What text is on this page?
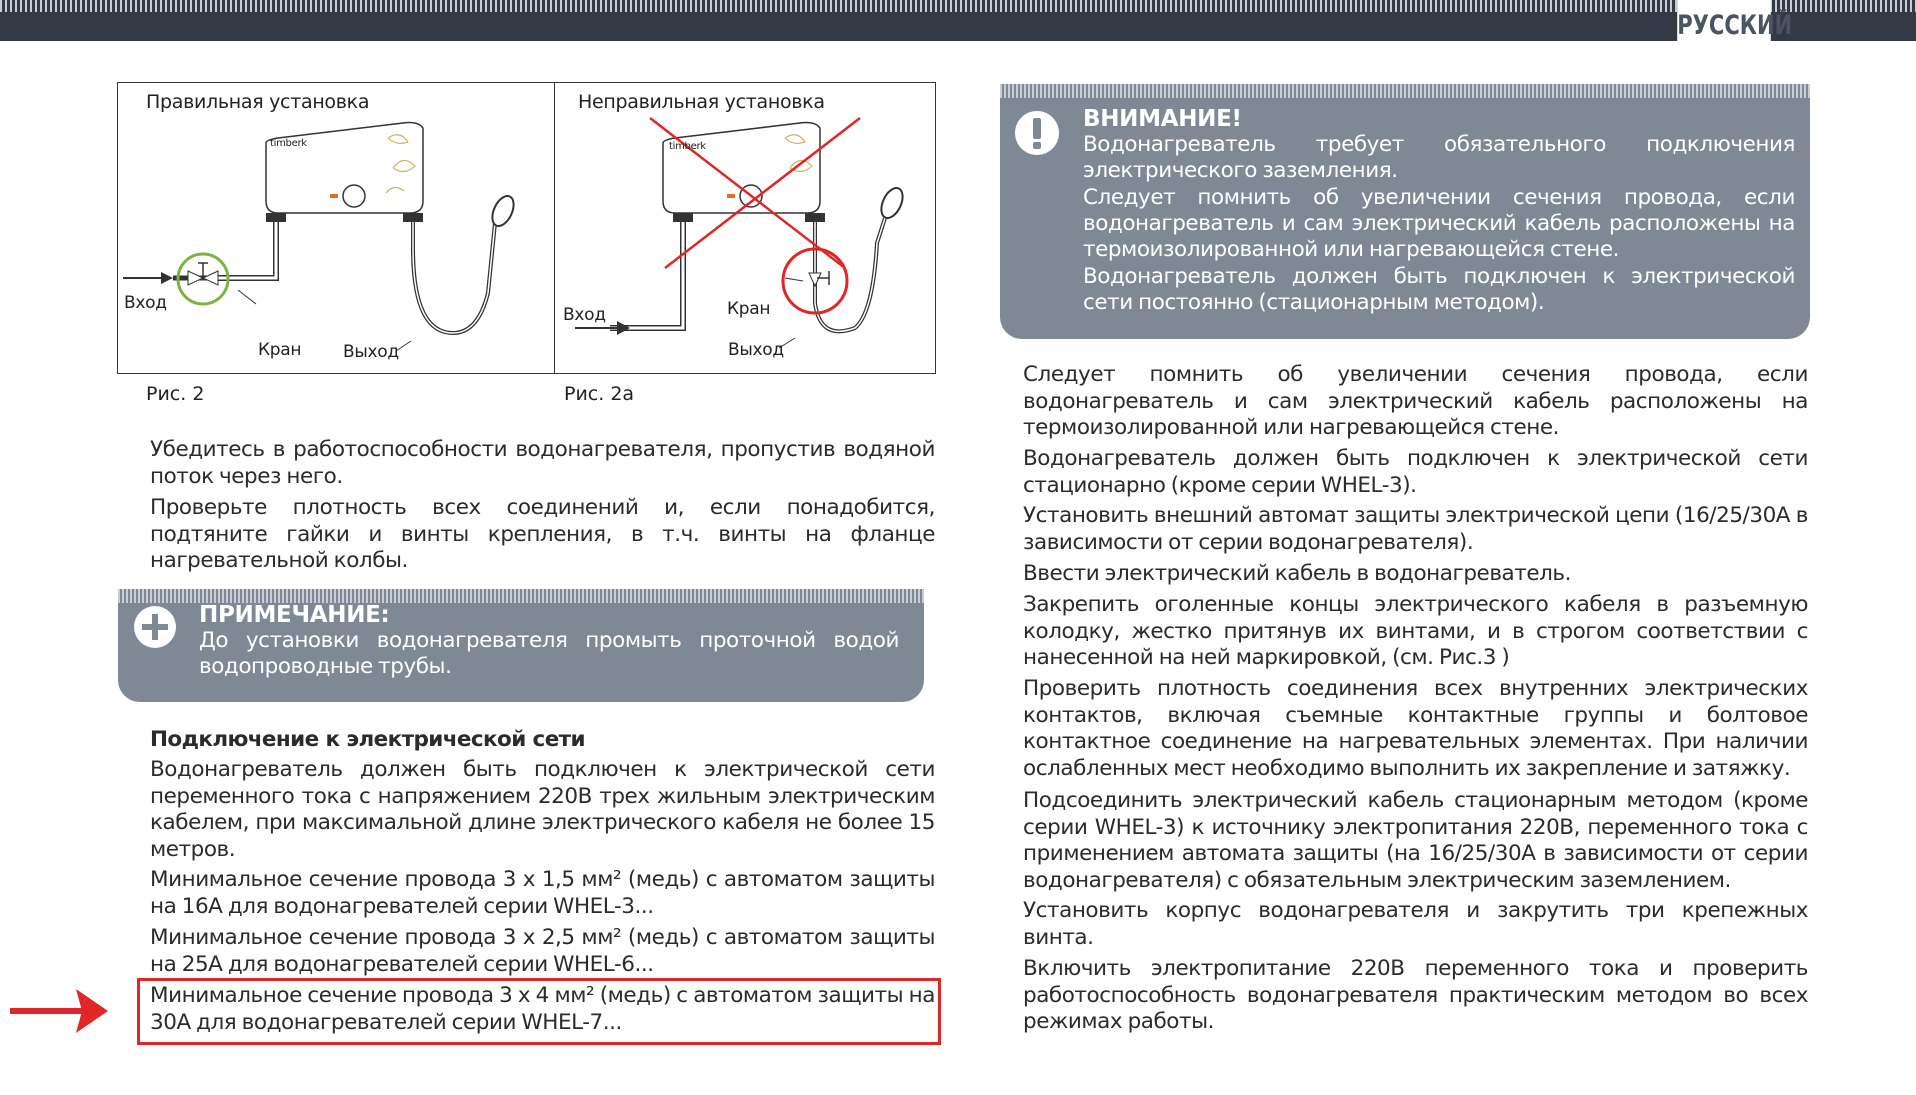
РУССКИЙ
Правильная установка
timberk
Вход
Кран Выход
Рис. 2
Неправильная установка
timberk
Вход	Кран
Выход
Рис. 2а

Убедитесь в работоспособности водонагревателя, пропустив водяной поток через него.

Проверьте плотность всех соединений и, если понадобится, подтяните гайки и винты крепления, в т.ч. винты на фланце нагревательной колбы.

ПРИМЕЧАНИЕ:

До установки водонагревателя промыть проточной водой водопроводные трубы.

Подключение к электрической сети

Водонагреватель должен быть подключен к электрической сети переменного тока с напряжением 220В трех жильным электрическим кабелем, при максимальной длине электрического кабеля не более 15 метров.

Минимальное сечение провода 3 х 1,5 мм² (медь) с автоматом защиты на 16А для водонагревателей серии WHEL-3...

Минимальное сечение провода 3 х 2,5 мм² (медь) с автоматом защиты на 25А для водонагревателей серии WHEL-6...

Минимальное сечение провода 3 х 4 мм² (медь) с автоматом защиты на 30А для водонагревателей серии WHEL-7...

ВНИМАНИЕ!

Водонагреватель требует обязательного подключения электрического заземления.

Следует помнить об увеличении сечения провода, если водонагреватель и сам электрический кабель расположены на термоизолированной или нагревающейся стене.

Водонагреватель должен быть подключен к электрической сети постоянно (стационарным методом).

Следует помнить об увеличении сечения провода, если водонагреватель и сам электрический кабель расположены на термоизолированной или нагревающейся стене.

Водонагреватель должен быть подключен к электрической сети стационарно (кроме серии WHEL-3).

Установить внешний автомат защиты электрической цепи (16/25/30А в зависимости от серии водонагревателя).

Ввести электрический кабель в водонагреватель.

Закрепить оголенные концы электрического кабеля в разъемную колодку, жестко притянув их винтами, и в строгом соответствии с нанесенной на ней маркировкой, (см. Рис.3 )

Проверить плотность соединения всех внутренних электрических контактов, включая съемные контактные группы и болтовое контактное соединение на нагревательных элементах. При наличии ослабленных мест необходимо выполнить их закрепление и затяжку.

Подсоединить электрический кабель стационарным методом (кроме серии WHEL-3) к источнику электропитания 220В, переменного тока с применением автомата защиты (на 16/25/30А в зависимости от серии водонагревателя) с обязательным электрическим заземлением.

Установить корпус водонагревателя и закрутить три крепежных винта.

Включить электропитание 220В переменного тока и проверить работоспособность водонагревателя практическим методом во всех режимах работы.
